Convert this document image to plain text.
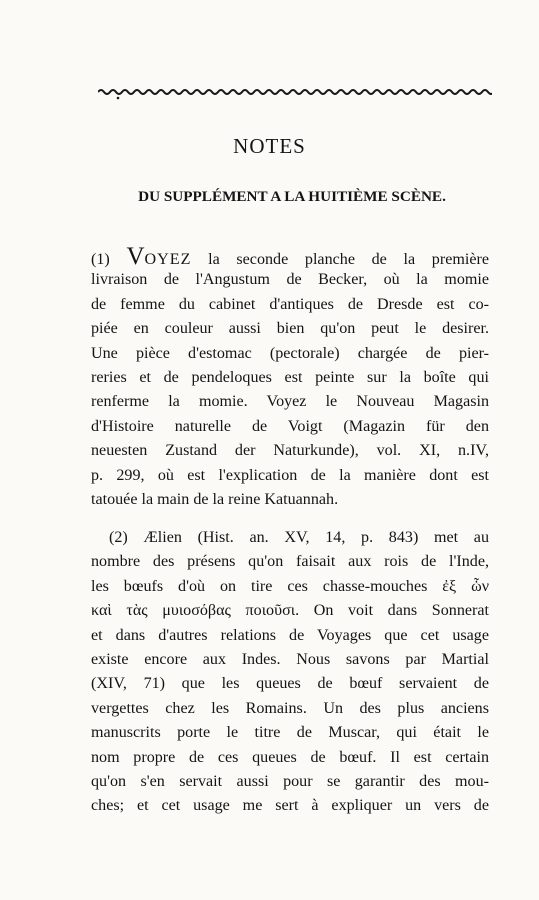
NOTES
DU SUPPLÉMENT A LA HUITIÈME SCÈNE.
(1) VOYEZ la seconde planche de la première
livraison de l'Angustum de Becker, où la momie
de femme du cabinet d'antiques de Dresde est co-
piée en couleur aussi bien qu'on peut le desirer.
Une pièce d'estomac (pectorale) chargée de pier-
reries et de pendeloques est peinte sur la boîte qui
renferme la momie. Voyez le Nouveau Magasin
d'Histoire naturelle de Voigt (Magazin für den
neuesten Zustand der Naturkunde), vol. XI, n.IV,
p. 299, où est l'explication de la manière dont est
tatouée la main de la reine Katuannah.
(2) Ælien (Hist. an. XV, 14, p. 843) met au
nombre des présens qu'on faisait aux rois de l'Inde,
les bœufs d'où on tire ces chasse-mouches ἐξ ὧν
καὶ τὰς μυιοσόβας ποιοῦσι. On voit dans Sonnerat
et dans d'autres relations de Voyages que cet usage
existe encore aux Indes. Nous savons par Martial
(XIV, 71) que les queues de bœuf servaient de
vergettes chez les Romains. Un des plus anciens
manuscrits porte le titre de Muscar, qui était le
nom propre de ces queues de bœuf. Il est certain
qu'on s'en servait aussi pour se garantir des mou-
ches; et cet usage me sert à expliquer un vers de
